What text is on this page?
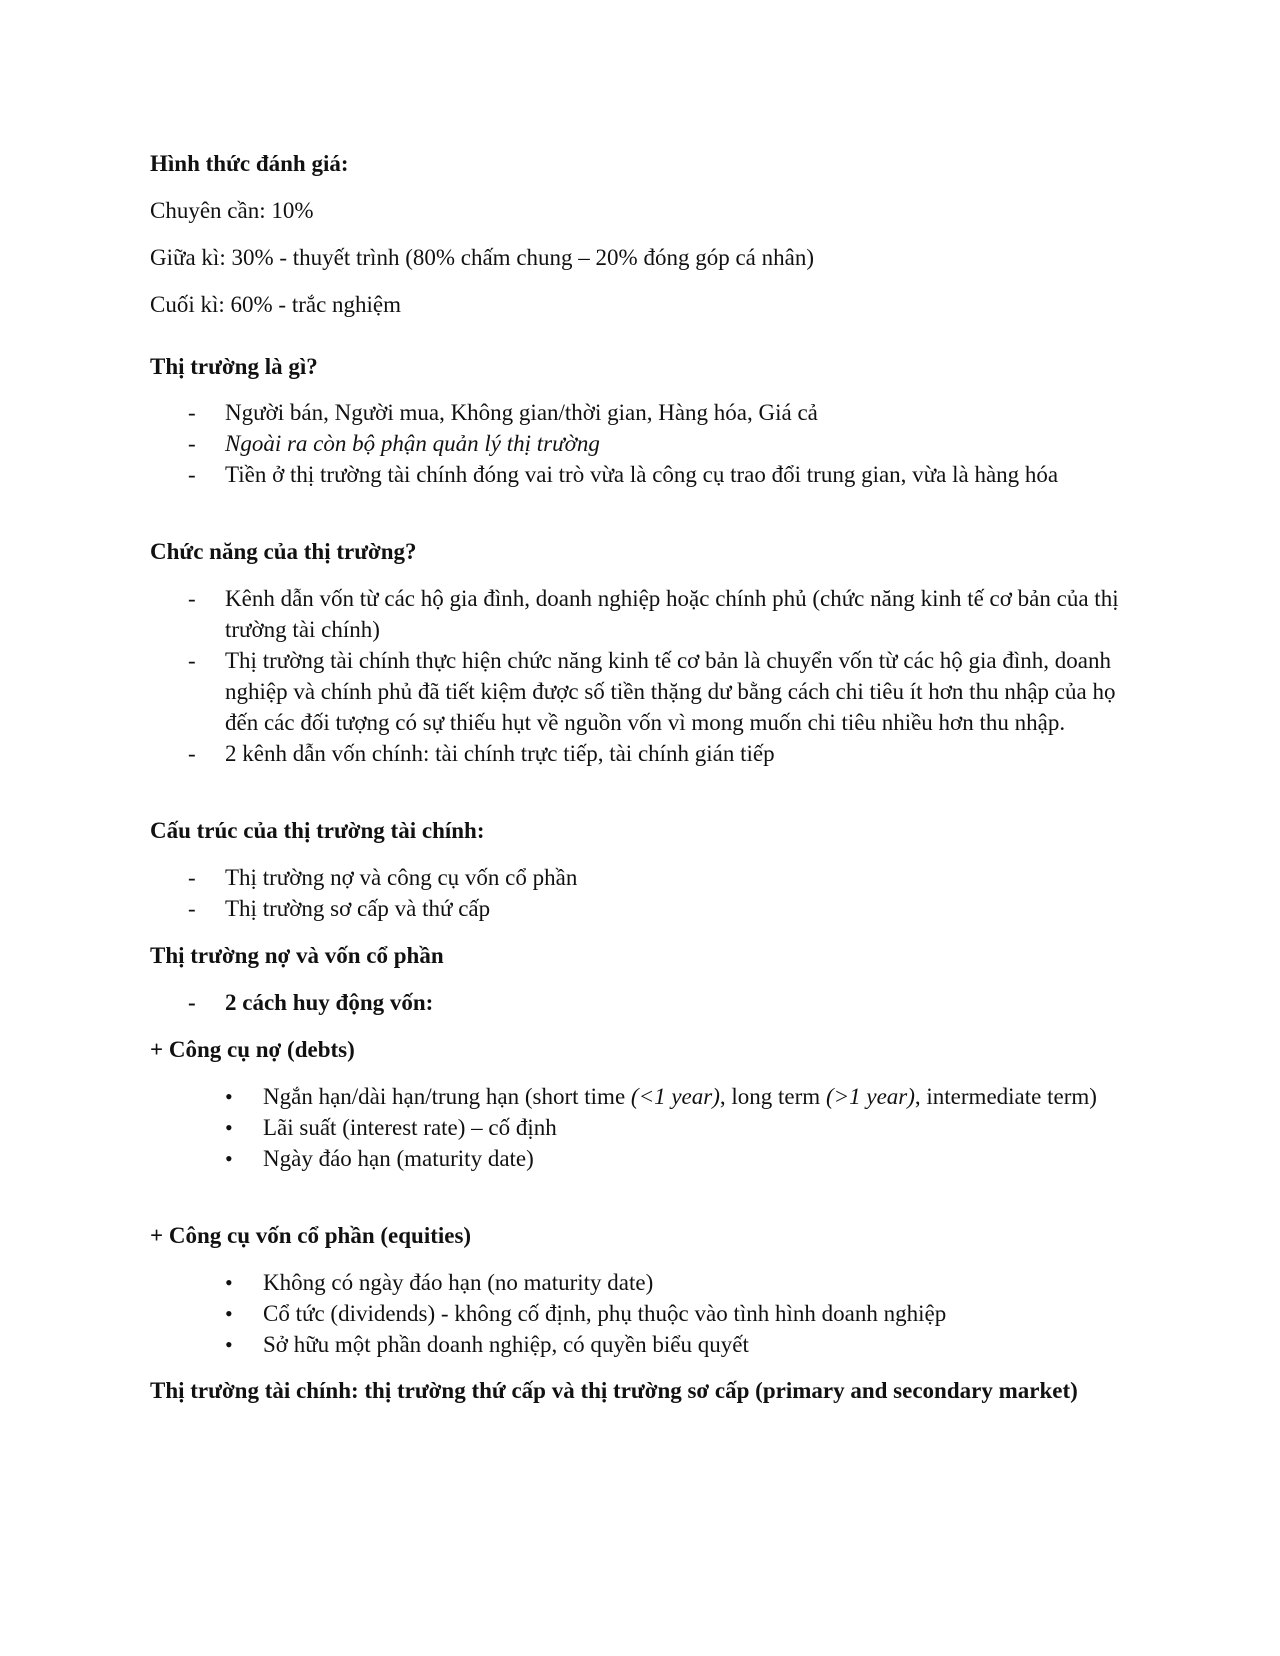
Hình thức đánh giá:
Chuyên cần: 10%
Giữa kì: 30% - thuyết trình (80% chấm chung – 20% đóng góp cá nhân)
Cuối kì: 60% - trắc nghiệm
Thị trường là gì?
- Người bán, Người mua, Không gian/thời gian, Hàng hóa, Giá cả
- Ngoài ra còn bộ phận quản lý thị trường
- Tiền ở thị trường tài chính đóng vai trò vừa là công cụ trao đổi trung gian, vừa là hàng hóa
Chức năng của thị trường?
- Kênh dẫn vốn từ các hộ gia đình, doanh nghiệp hoặc chính phủ (chức năng kinh tế cơ bản của thị trường tài chính)
- Thị trường tài chính thực hiện chức năng kinh tế cơ bản là chuyển vốn từ các hộ gia đình, doanh nghiệp và chính phủ đã tiết kiệm được số tiền thặng dư bằng cách chi tiêu ít hơn thu nhập của họ đến các đối tượng có sự thiếu hụt về nguồn vốn vì mong muốn chi tiêu nhiều hơn thu nhập.
- 2 kênh dẫn vốn chính: tài chính trực tiếp, tài chính gián tiếp
Cấu trúc của thị trường tài chính:
- Thị trường nợ và công cụ vốn cổ phần
- Thị trường sơ cấp và thứ cấp
Thị trường nợ và vốn cổ phần
- 2 cách huy động vốn:
+ Công cụ nợ (debts)
• Ngắn hạn/dài hạn/trung hạn (short time (<1 year), long term (>1 year), intermediate term)
• Lãi suất (interest rate) – cố định
• Ngày đáo hạn (maturity date)
+ Công cụ vốn cổ phần (equities)
• Không có ngày đáo hạn (no maturity date)
• Cổ tức (dividends) - không cố định, phụ thuộc vào tình hình doanh nghiệp
• Sở hữu một phần doanh nghiệp, có quyền biểu quyết
Thị trường tài chính: thị trường thứ cấp và thị trường sơ cấp (primary and secondary market)
